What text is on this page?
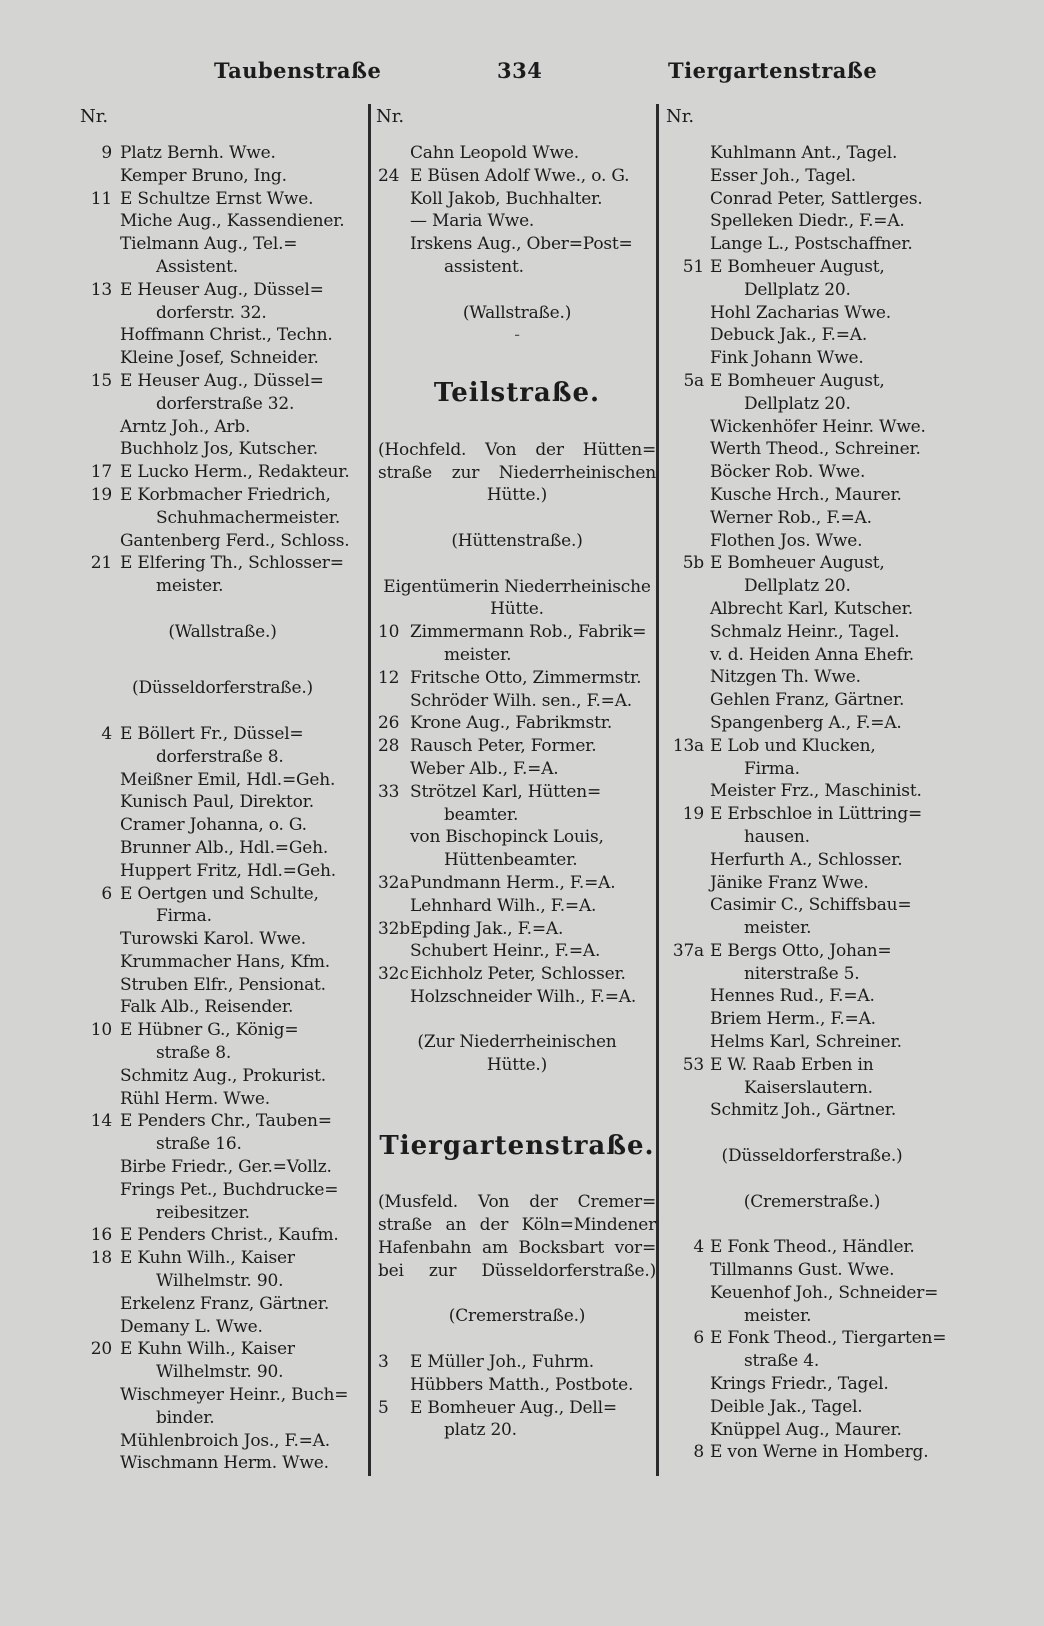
Taubenstraße	334	Tiergartenstraße
Nr.	Nr.	Nr.
9 Platz Bernh. Wwe.
Kemper Bruno, Ing.
11 E Schultze Ernst Wwe.
Miche Aug., Kassendiener.
Tielmann Aug., Tel.=
Assistent.
13 E Heuser Aug., Düssel=
dorferstr. 32.
Hoffmann Christ., Techn.
Kleine Josef, Schneider.
15 E Heuser Aug., Düssel=
dorferstraße 32.
Arntz Joh., Arb.
Buchholz Jos, Kutscher.
17 E Lucko Herm., Redakteur.
19 E Korbmacher Friedrich,
Schuhmachermeister.
Gantenberg Ferd., Schloss.
21 E Elfering Th., Schlosser=
meister.
(Wallstraße.)
(Düsseldorferstraße.)
4 E Böllert Fr., Düssel=
dorferstraße 8.
Meißner Emil, Hdl.=Geh.
Kunisch Paul, Direktor.
Cramer Johanna, o. G.
Brunner Alb., Hdl.=Geh.
Huppert Fritz, Hdl.=Geh.
6 E Oertgen und Schulte,
Firma.
Turowski Karol. Wwe.
Krummacher Hans, Kfm.
Struben Elfr., Pensionat.
Falk Alb., Reisender.
10 E Hübner G., König=
straße 8.
Schmitz Aug., Prokurist.
Rühl Herm. Wwe.
14 E Penders Chr., Tauben=
straße 16.
Birbe Friedr., Ger.=Vollz.
Frings Pet., Buchdrucke=
reibesitzer.
16 E Penders Christ., Kaufm.
18 E Kuhn Wilh., Kaiser
Wilhelmstr. 90.
Erkelenz Franz, Gärtner.
Demany L. Wwe.
20 E Kuhn Wilh., Kaiser
Wilhelmstr. 90.
Wischmeyer Heinr., Buch=
binder.
Mühlenbroich Jos., F.=A.
Wischmann Herm. Wwe.
Cahn Leopold Wwe.
24 E Büsen Adolf Wwe., o. G.
Koll Jakob, Buchhalter.
— Maria Wwe.
Irskens Aug., Ober=Post=
assistent.
(Wallstraße.)
-
Teilstraße.
(Hochfeld. Von der Hütten=
straße zur Niederrheinischen
Hütte.)
(Hüttenstraße.)
Eigentümerin Niederrheinische
Hütte.
10 Zimmermann Rob., Fabrik=
meister.
12 Fritsche Otto, Zimmermstr.
Schröder Wilh. sen., F.=A.
26 Krone Aug., Fabrikmstr.
28 Rausch Peter, Former.
Weber Alb., F.=A.
33 Strötzel Karl, Hütten=
beamter.
von Bischopinck Louis,
Hüttenbeamter.
32a Pundmann Herm., F.=A.
Lehnhard Wilh., F.=A.
32b Epding Jak., F.=A.
Schubert Heinr., F.=A.
32c Eichholz Peter, Schlosser.
Holzschneider Wilh., F.=A.
(Zur Niederrheinischen
Hütte.)
Tiergartenstraße.
(Musfeld. Von der Cremer=
straße an der Köln=Mindener
Hafenbahn am Bocksbart vor=
bei zur Düsseldorferstraße.)
(Cremerstraße.)
3	E Müller Joh., Fuhrm.
Hübbers Matth., Postbote.
5	E Bomheuer Aug., Dell=
platz 20.
Kuhlmann Ant., Tagel.
Esser Joh., Tagel.
Conrad Peter, Sattlerges.
Spelleken Diedr., F.=A.
Lange L., Postschaffner.
51 E Bomheuer August,
Dellplatz 20.
Hohl Zacharias Wwe.
Debuck Jak., F.=A.
Fink Johann Wwe.
5a E Bomheuer August,
Dellplatz 20.
Wickenhöfer Heinr. Wwe.
Werth Theod., Schreiner.
Böcker Rob. Wwe.
Kusche Hrch., Maurer.
Werner Rob., F.=A.
Flothen Jos. Wwe.
5b E Bomheuer August,
Dellplatz 20.
Albrecht Karl, Kutscher.
Schmalz Heinr., Tagel.
v. d. Heiden Anna Ehefr.
Nitzgen Th. Wwe.
Gehlen Franz, Gärtner.
Spangenberg A., F.=A.
13a E Lob und Klucken,
Firma.
Meister Frz., Maschinist.
19 E Erbschloe in Lüttring=
hausen.
Herfurth A., Schlosser.
Jänike Franz Wwe.
Casimir C., Schiffsbau=
meister.
37a E Bergs Otto, Johan=
niterstraße 5.
Hennes Rud., F.=A.
Briem Herm., F.=A.
Helms Karl, Schreiner.
53 E W. Raab Erben in
Kaiserslautern.
Schmitz Joh., Gärtner.
(Düsseldorferstraße.)
(Cremerstraße.)
4 E Fonk Theod., Händler.
Tillmanns Gust. Wwe.
Keuenhof Joh., Schneider=
meister.
6 E Fonk Theod., Tiergarten=
straße 4.
Krings Friedr., Tagel.
Deible Jak., Tagel.
Knüppel Aug., Maurer.
8 E von Werne in Homberg.
